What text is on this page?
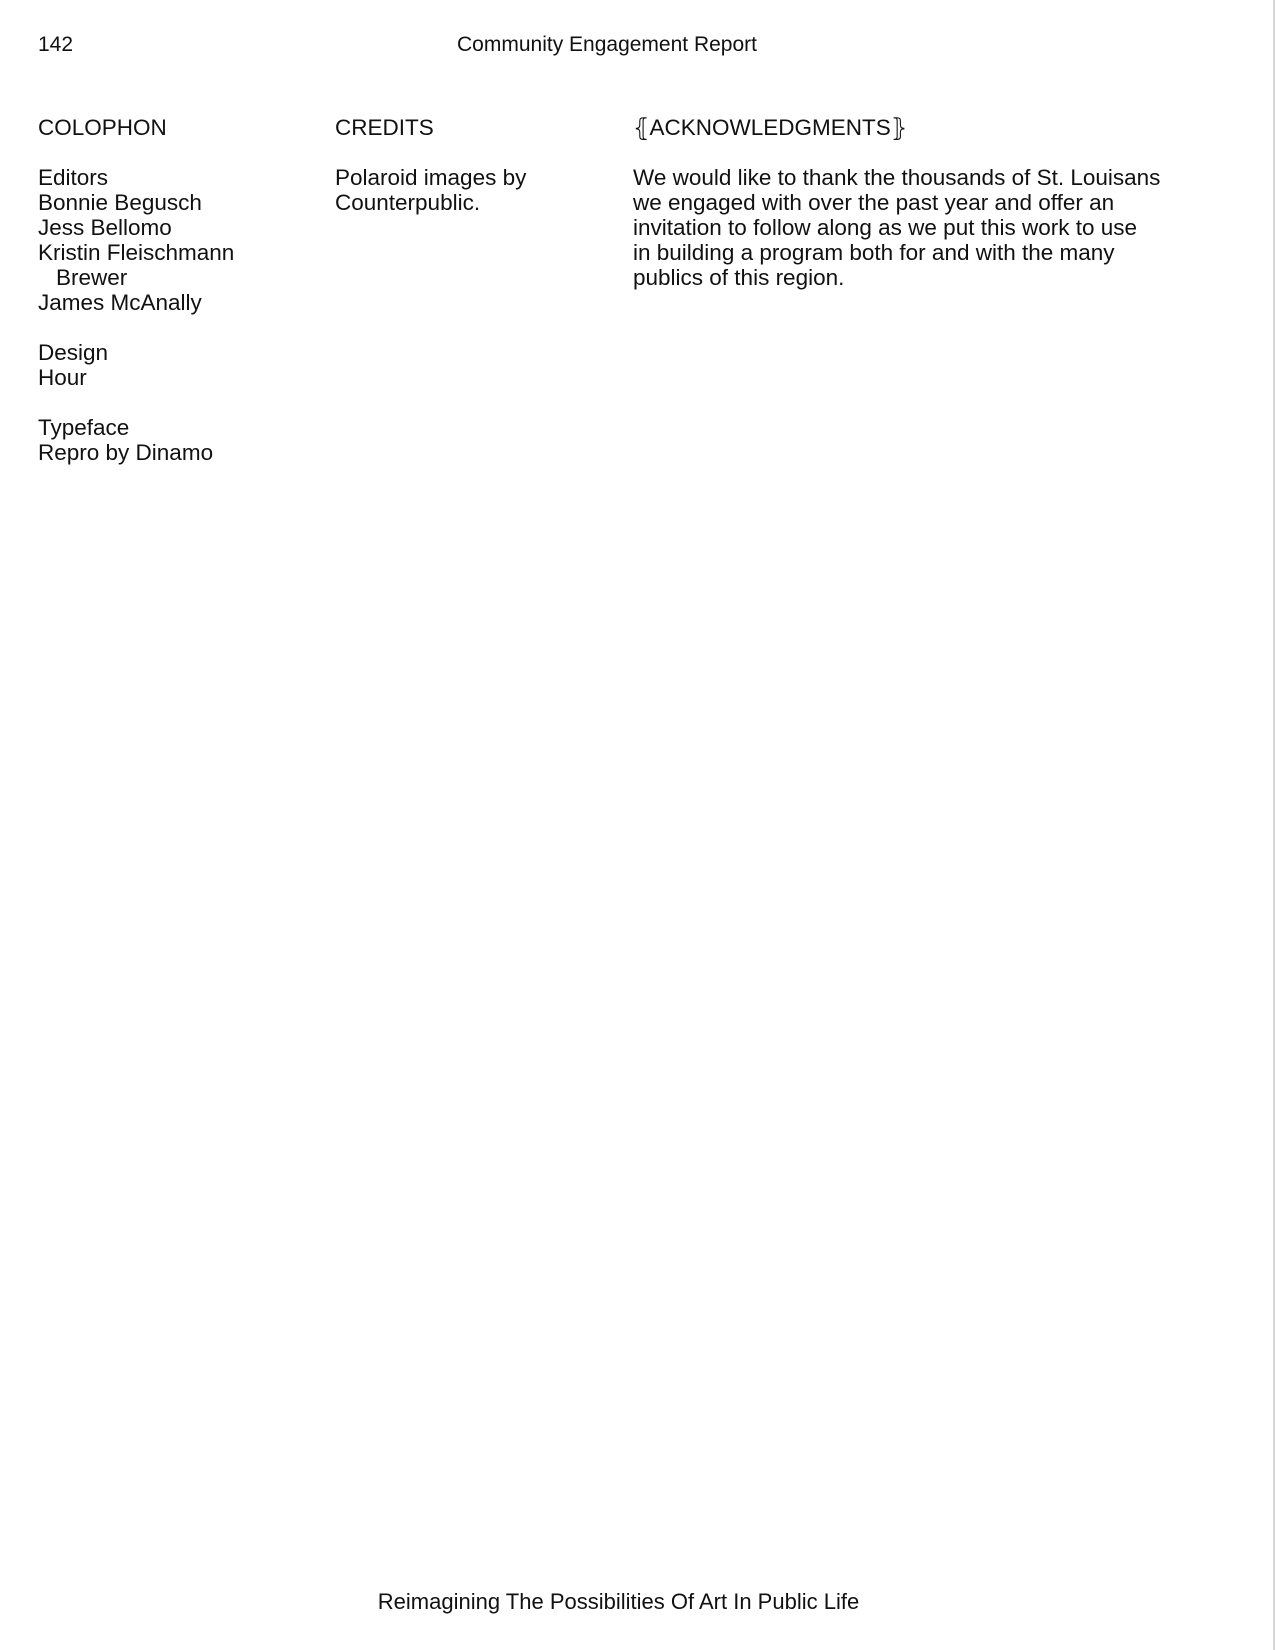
142	Community Engagement Report
COLOPHON
Editors
Bonnie Begusch
Jess Bellomo
Kristin Fleischmann
Brewer
James McAnally
Design
Hour
Typeface
Repro by Dinamo
CREDITS
Polaroid images by
Counterpublic.
⦃ACKNOWLEDGMENTS⦄
We would like to thank the thousands of St. Louisans
we engaged with over the past year and offer an
invitation to follow along as we put this work to use
in building a program both for and with the many
publics of this region.
Reimagining The Possibilities Of Art In Public Life
